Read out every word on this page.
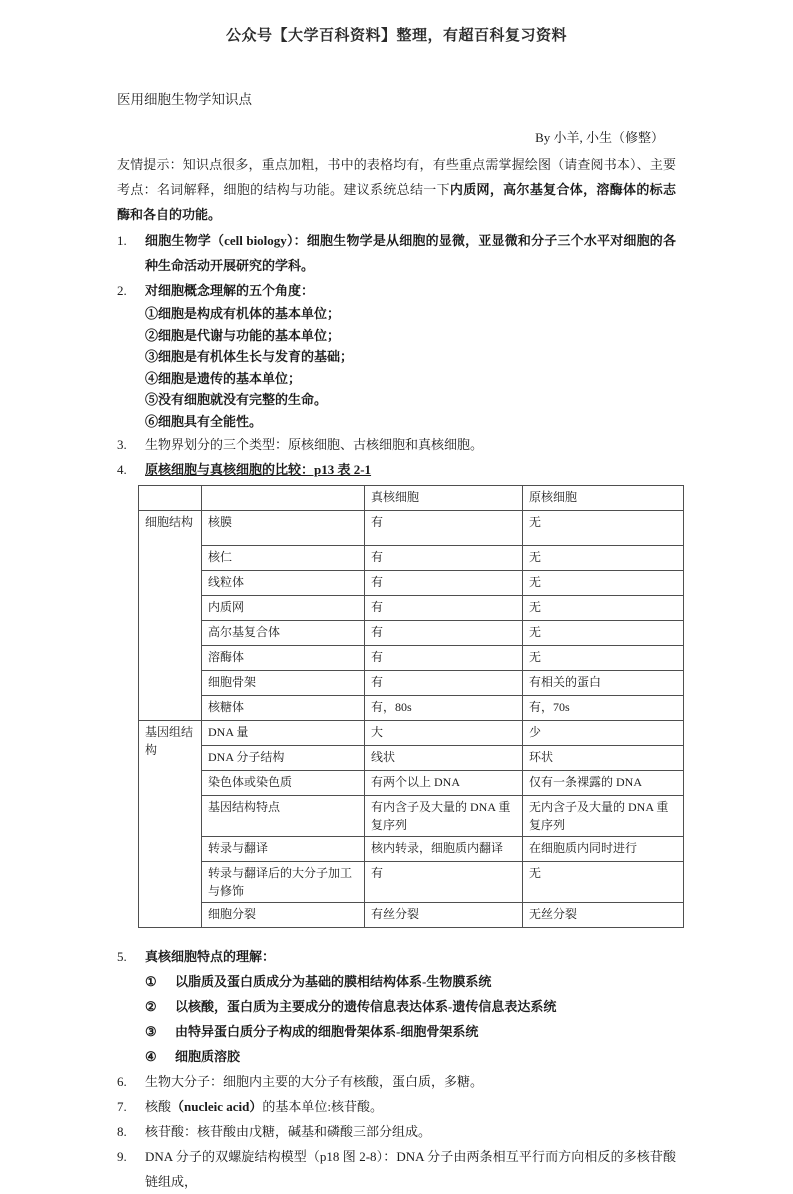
公众号【大学百科资料】整理，有超百科复习资料
医用细胞生物学知识点
By 小羊, 小生（修整）
友情提示：知识点很多，重点加粗，书中的表格均有，有些重点需掌握绘图（请查阅书本）、主要考点：名词解释，细胞的结构与功能。建议系统总结一下内质网，高尔基复合体，溶酶体的标志酶和各自的功能。
1.	细胞生物学（cell biology）：细胞生物学是从细胞的显微，亚显微和分子三个水平对细胞的各种生命活动开展研究的学科。
2.	对细胞概念理解的五个角度：
①细胞是构成有机体的基本单位；
②细胞是代谢与功能的基本单位；
③细胞是有机体生长与发育的基础；
④细胞是遗传的基本单位；
⑤没有细胞就没有完整的生命。
⑥细胞具有全能性。
3.	生物界划分的三个类型：原核细胞、古核细胞和真核细胞。
4.	原核细胞与真核细胞的比较：p13 表 2-1
		真核细胞	原核细胞
细胞结构	核膜	有	无
	核仁	有	无
	线粒体	有	无
	内质网	有	无
	高尔基复合体	有	无
	溶酶体	有	无
	细胞骨架	有	有相关的蛋白
	核糖体	有，80s	有，70s
基因组结构	DNA 量	大	少
	DNA 分子结构	线状	环状
	染色体或染色质	有两个以上 DNA	仅有一条裸露的 DNA
	基因结构特点	有内含子及大量的 DNA 重复序列	无内含子及大量的 DNA 重复序列
	转录与翻译	核内转录，细胞质内翻译	在细胞质内同时进行
	转录与翻译后的大分子加工与修饰	有	无
	细胞分裂	有丝分裂	无丝分裂
5.	真核细胞特点的理解：
① 以脂质及蛋白质成分为基础的膜相结构体系-生物膜系统
② 以核酸，蛋白质为主要成分的遗传信息表达体系-遗传信息表达系统
③ 由特异蛋白质分子构成的细胞骨架体系-细胞骨架系统
④ 细胞质溶胶
6.	生物大分子：细胞内主要的大分子有核酸，蛋白质，多糖。
7.	核酸（nucleic acid）的基本单位:核苷酸。
8.	核苷酸：核苷酸由戊糖，碱基和磷酸三部分组成。
9.	DNA 分子的双螺旋结构模型（p18 图 2-8）：DNA 分子由两条相互平行而方向相反的多核苷酸链组成，
